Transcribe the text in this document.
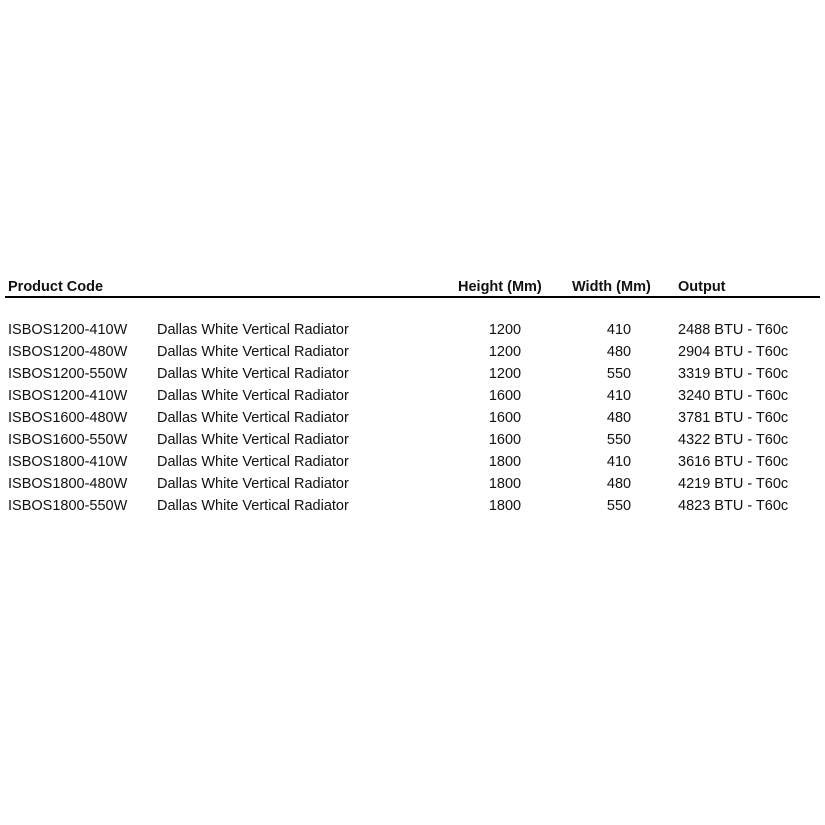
Product Code	Height (Mm)	Width (Mm)	Output
ISBOS1200-410W Dallas White Vertical Radiator	1200	410	2488 BTU - T60c
ISBOS1200-480W Dallas White Vertical Radiator	1200	480	2904 BTU - T60c
ISBOS1200-550W Dallas White Vertical Radiator	1200	550	3319 BTU - T60c
ISBOS1200-410W Dallas White Vertical Radiator	1600	410	3240 BTU - T60c
ISBOS1600-480W Dallas White Vertical Radiator	1600	480	3781 BTU - T60c
ISBOS1600-550W Dallas White Vertical Radiator	1600	550	4322 BTU - T60c
ISBOS1800-410W Dallas White Vertical Radiator	1800	410	3616 BTU - T60c
ISBOS1800-480W Dallas White Vertical Radiator	1800	480	4219 BTU - T60c
ISBOS1800-550W Dallas White Vertical Radiator	1800	550	4823 BTU - T60c
